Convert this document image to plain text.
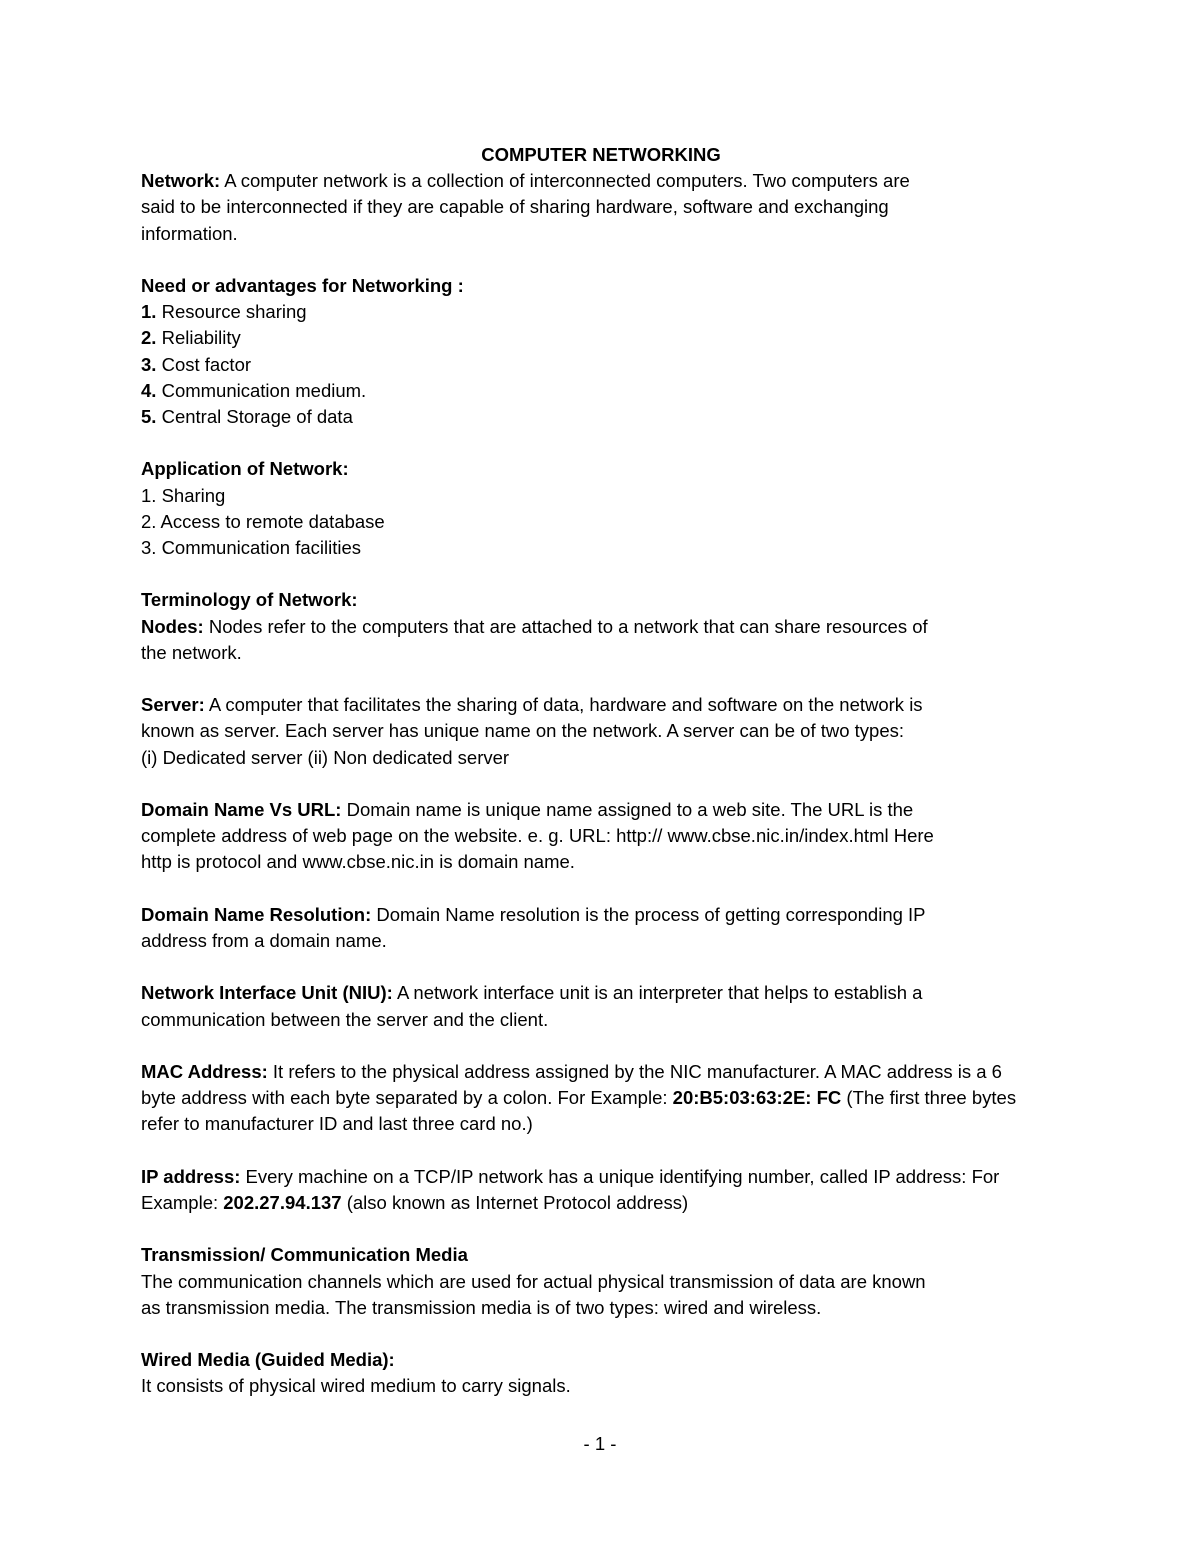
COMPUTER NETWORKING
Network: A computer network is a collection of interconnected computers. Two computers are
said to be interconnected if they are capable of sharing hardware, software and exchanging
information.
Need or advantages for Networking :
1. Resource sharing
2. Reliability
3. Cost factor
4. Communication medium.
5. Central Storage of data
Application of Network:
1. Sharing
2. Access to remote database
3. Communication facilities
Terminology of Network:
Nodes: Nodes refer to the computers that are attached to a network that can share resources of
the network.
Server: A computer that facilitates the sharing of data, hardware and software on the network is
known as server. Each server has unique name on the network. A server can be of two types:
(i) Dedicated server (ii) Non dedicated server
Domain Name Vs URL: Domain name is unique name assigned to a web site. The URL is the
complete address of web page on the website. e. g. URL: http:// www.cbse.nic.in/index.html Here
http is protocol and www.cbse.nic.in is domain name.
Domain Name Resolution: Domain Name resolution is the process of getting corresponding IP
address from a domain name.
Network Interface Unit (NIU): A network interface unit is an interpreter that helps to establish a
communication between the server and the client.
MAC Address: It refers to the physical address assigned by the NIC manufacturer. A MAC address is a 6
byte address with each byte separated by a colon. For Example: 20:B5:03:63:2E: FC (The first three bytes
refer to manufacturer ID and last three card no.)
IP address: Every machine on a TCP/IP network has a unique identifying number, called IP address: For
Example: 202.27.94.137 (also known as Internet Protocol address)
Transmission/ Communication Media
The communication channels which are used for actual physical transmission of data are known
as transmission media. The transmission media is of two types: wired and wireless.
Wired Media (Guided Media):
It consists of physical wired medium to carry signals.
- 1 -
